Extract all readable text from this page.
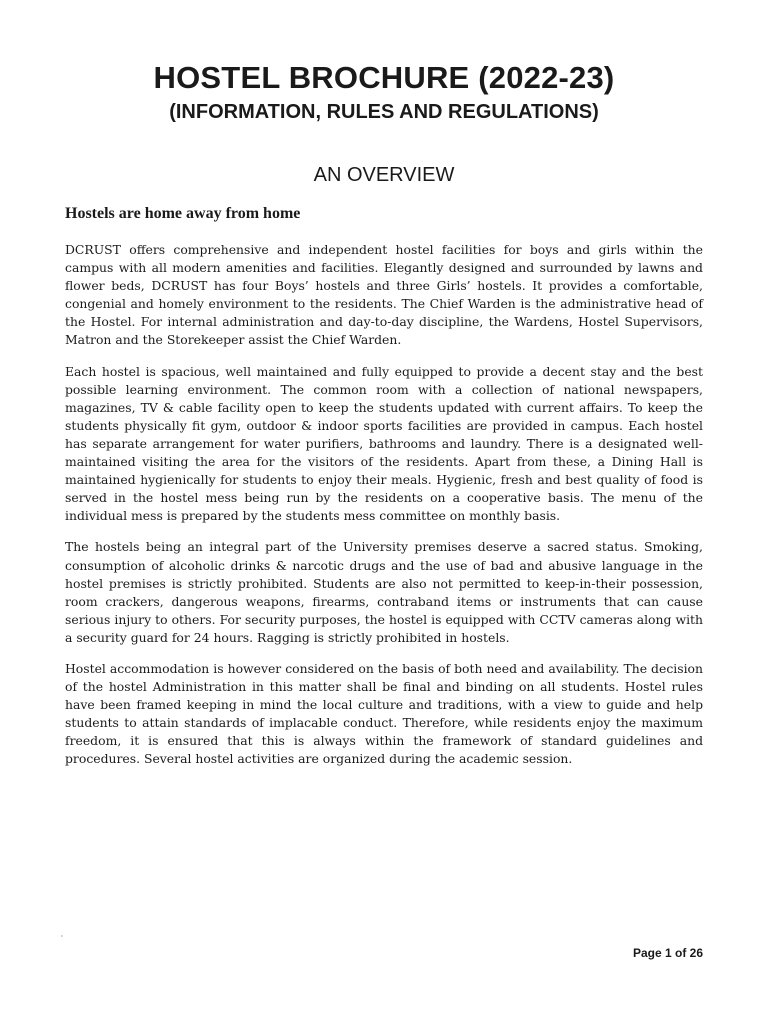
HOSTEL BROCHURE (2022-23)
(INFORMATION, RULES AND REGULATIONS)
AN OVERVIEW
Hostels are home away from home

DCRUST offers comprehensive and independent hostel facilities for boys and girls within the campus with all modern amenities and facilities. Elegantly designed and surrounded by lawns and flower beds, DCRUST has four Boys’ hostels and three Girls’ hostels. It provides a comfortable, congenial and homely environment to the residents. The Chief Warden is the administrative head of the Hostel. For internal administration and day-to-day discipline, the Wardens, Hostel Supervisors, Matron and the Storekeeper assist the Chief Warden.

Each hostel is spacious, well maintained and fully equipped to provide a decent stay and the best possible learning environment. The common room with a collection of national newspapers, magazines, TV & cable facility open to keep the students updated with current affairs. To keep the students physically fit gym, outdoor & indoor sports facilities are provided in campus. Each hostel has separate arrangement for water purifiers, bathrooms and laundry. There is a designated well-maintained visiting the area for the visitors of the residents. Apart from these, a Dining Hall is maintained hygienically for students to enjoy their meals. Hygienic, fresh and best quality of food is served in the hostel mess being run by the residents on a cooperative basis. The menu of the individual mess is prepared by the students mess committee on monthly basis.

The hostels being an integral part of the University premises deserve a sacred status. Smoking, consumption of alcoholic drinks & narcotic drugs and the use of bad and abusive language in the hostel premises is strictly prohibited. Students are also not permitted to keep-in-their possession, room crackers, dangerous weapons, firearms, contraband items or instruments that can cause serious injury to others. For security purposes, the hostel is equipped with CCTV cameras along with a security guard for 24 hours. Ragging is strictly prohibited in hostels.

Hostel accommodation is however considered on the basis of both need and availability. The decision of the hostel Administration in this matter shall be final and binding on all students. Hostel rules have been framed keeping in mind the local culture and traditions, with a view to guide and help students to attain standards of implacable conduct. Therefore, while residents enjoy the maximum freedom, it is ensured that this is always within the framework of standard guidelines and procedures. Several hostel activities are organized during the academic session.

Page 1 of 26
